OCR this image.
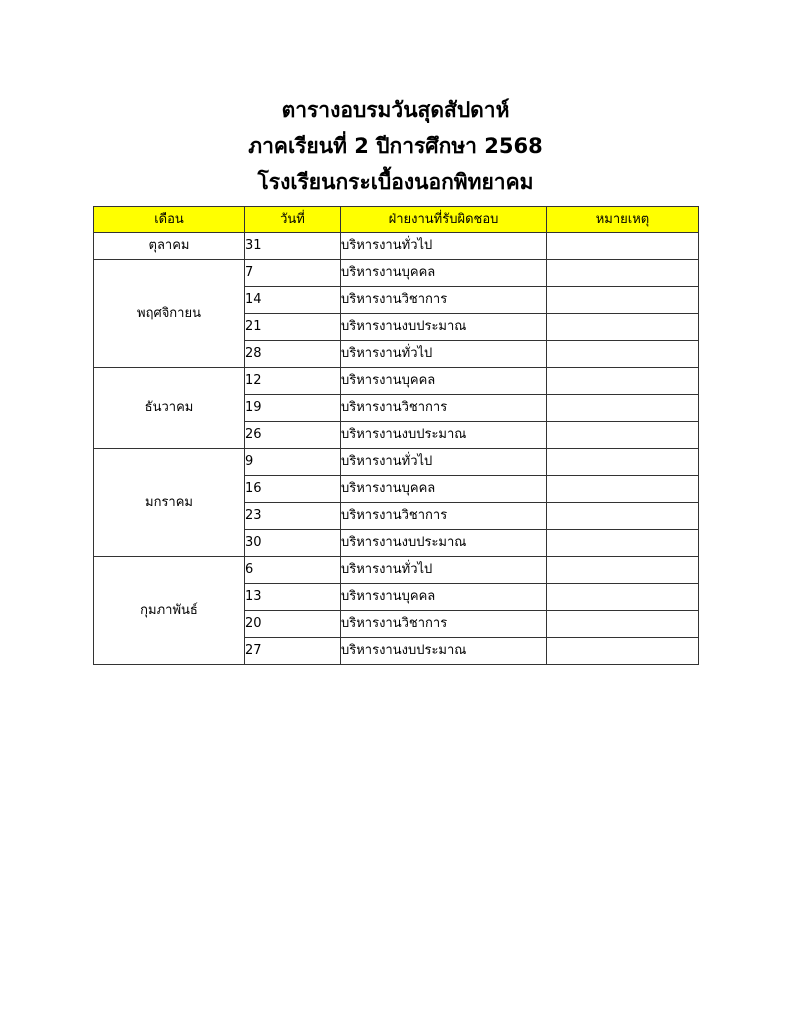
ตารางอบรมวันสุดสัปดาห์
ภาคเรียนที่ 2 ปีการศึกษา 2568
โรงเรียนกระเบื้องนอกพิทยาคม
เดือน	วันที่	ฝ่ายงานที่รับผิดชอบ	หมายเหตุ
ตุลาคม	31	บริหารงานทั่วไป	
พฤศจิกายน	7	บริหารงานบุคคล	
	14	บริหารงานวิชาการ	
	21	บริหารงานงบประมาณ	
	28	บริหารงานทั่วไป	
ธันวาคม	12	บริหารงานบุคคล	
	19	บริหารงานวิชาการ	
	26	บริหารงานงบประมาณ	
มกราคม	9	บริหารงานทั่วไป	
	16	บริหารงานบุคคล	
	23	บริหารงานวิชาการ	
	30	บริหารงานงบประมาณ	
กุมภาพันธ์	6	บริหารงานทั่วไป	
	13	บริหารงานบุคคล	
	20	บริหารงานวิชาการ	
	27	บริหารงานงบประมาณ	
